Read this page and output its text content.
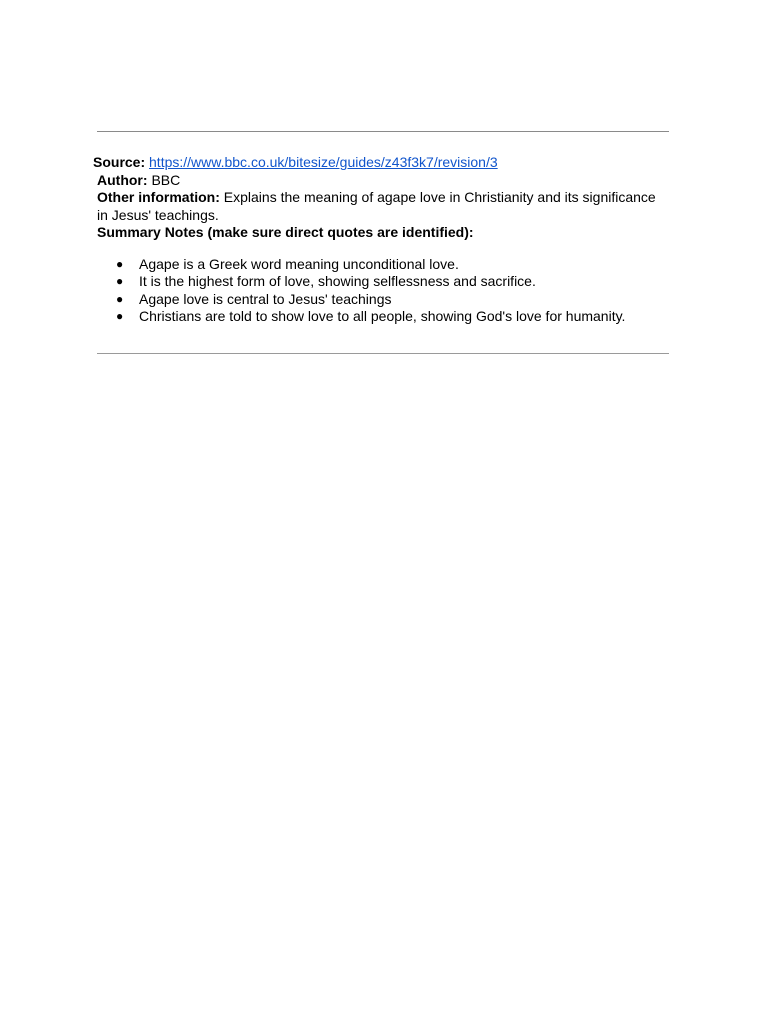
Source: https://www.bbc.co.uk/bitesize/guides/z43f3k7/revision/3

Author: BBC

Other information: Explains the meaning of agape love in Christianity and its significance in Jesus' teachings.

Summary Notes (make sure direct quotes are identified):

● Agape is a Greek word meaning unconditional love.
● It is the highest form of love, showing selflessness and sacrifice.
● Agape love is central to Jesus' teachings
● Christians are told to show love to all people, showing God's love for humanity.
